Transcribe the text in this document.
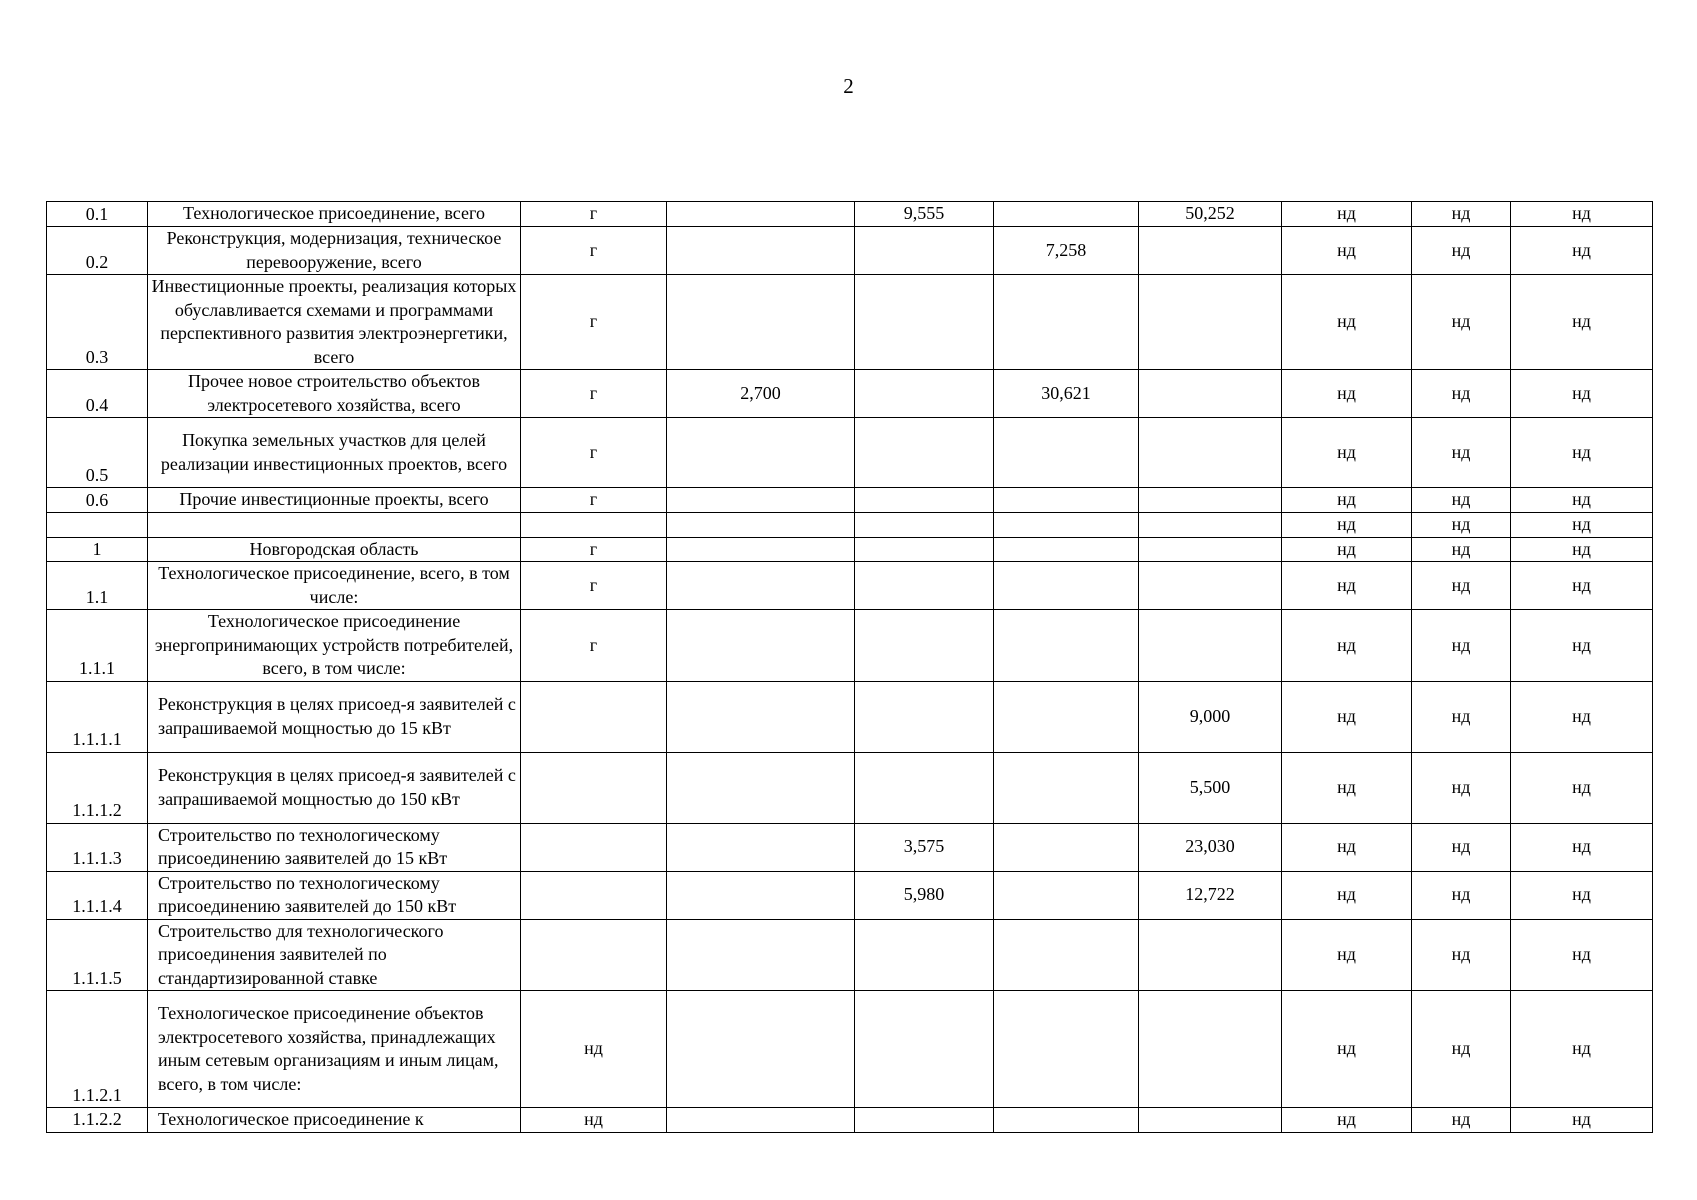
2
0.1	Технологическое присоединение, всего	г		9,555		50,252	нд	нд	нд
0.2	Реконструкция, модернизация, техническое перевооружение, всего	г			7,258		нд	нд	нд
0.3	Инвестиционные проекты, реализация которых обуславливается схемами и программами перспективного развития электроэнергетики, всего	г					нд	нд	нд
0.4	Прочее новое строительство объектов электросетевого хозяйства, всего	г	2,700		30,621		нд	нд	нд
0.5	Покупка земельных участков для целей реализации инвестиционных проектов, всего	г					нд	нд	нд
0.6	Прочие инвестиционные проекты, всего	г					нд	нд	нд
							нд	нд	нд
1	Новгородская область	г					нд	нд	нд
1.1	Технологическое присоединение, всего, в том числе:	г					нд	нд	нд
1.1.1	Технологическое присоединение энергопринимающих устройств потребителей, всего, в том числе:	г					нд	нд	нд
1.1.1.1	Реконструкция в целях присоед-я заявителей с запрашиваемой мощностью до 15 кВт					9,000	нд	нд	нд
1.1.1.2	Реконструкция в целях присоед-я заявителей с запрашиваемой мощностью до 150 кВт					5,500	нд	нд	нд
1.1.1.3	Строительство по технологическому присоединению заявителей до 15 кВт			3,575		23,030	нд	нд	нд
1.1.1.4	Строительство по технологическому присоединению заявителей до 150 кВт			5,980		12,722	нд	нд	нд
1.1.1.5	Строительство для технологического присоединения заявителей по стандартизированной ставке						нд	нд	нд
1.1.2.1	Технологическое присоединение объектов электросетевого хозяйства, принадлежащих иным сетевым организациям и иным лицам, всего, в том числе:	нд					нд	нд	нд
1.1.2.2	Технологическое присоединение к	нд					нд	нд	нд
